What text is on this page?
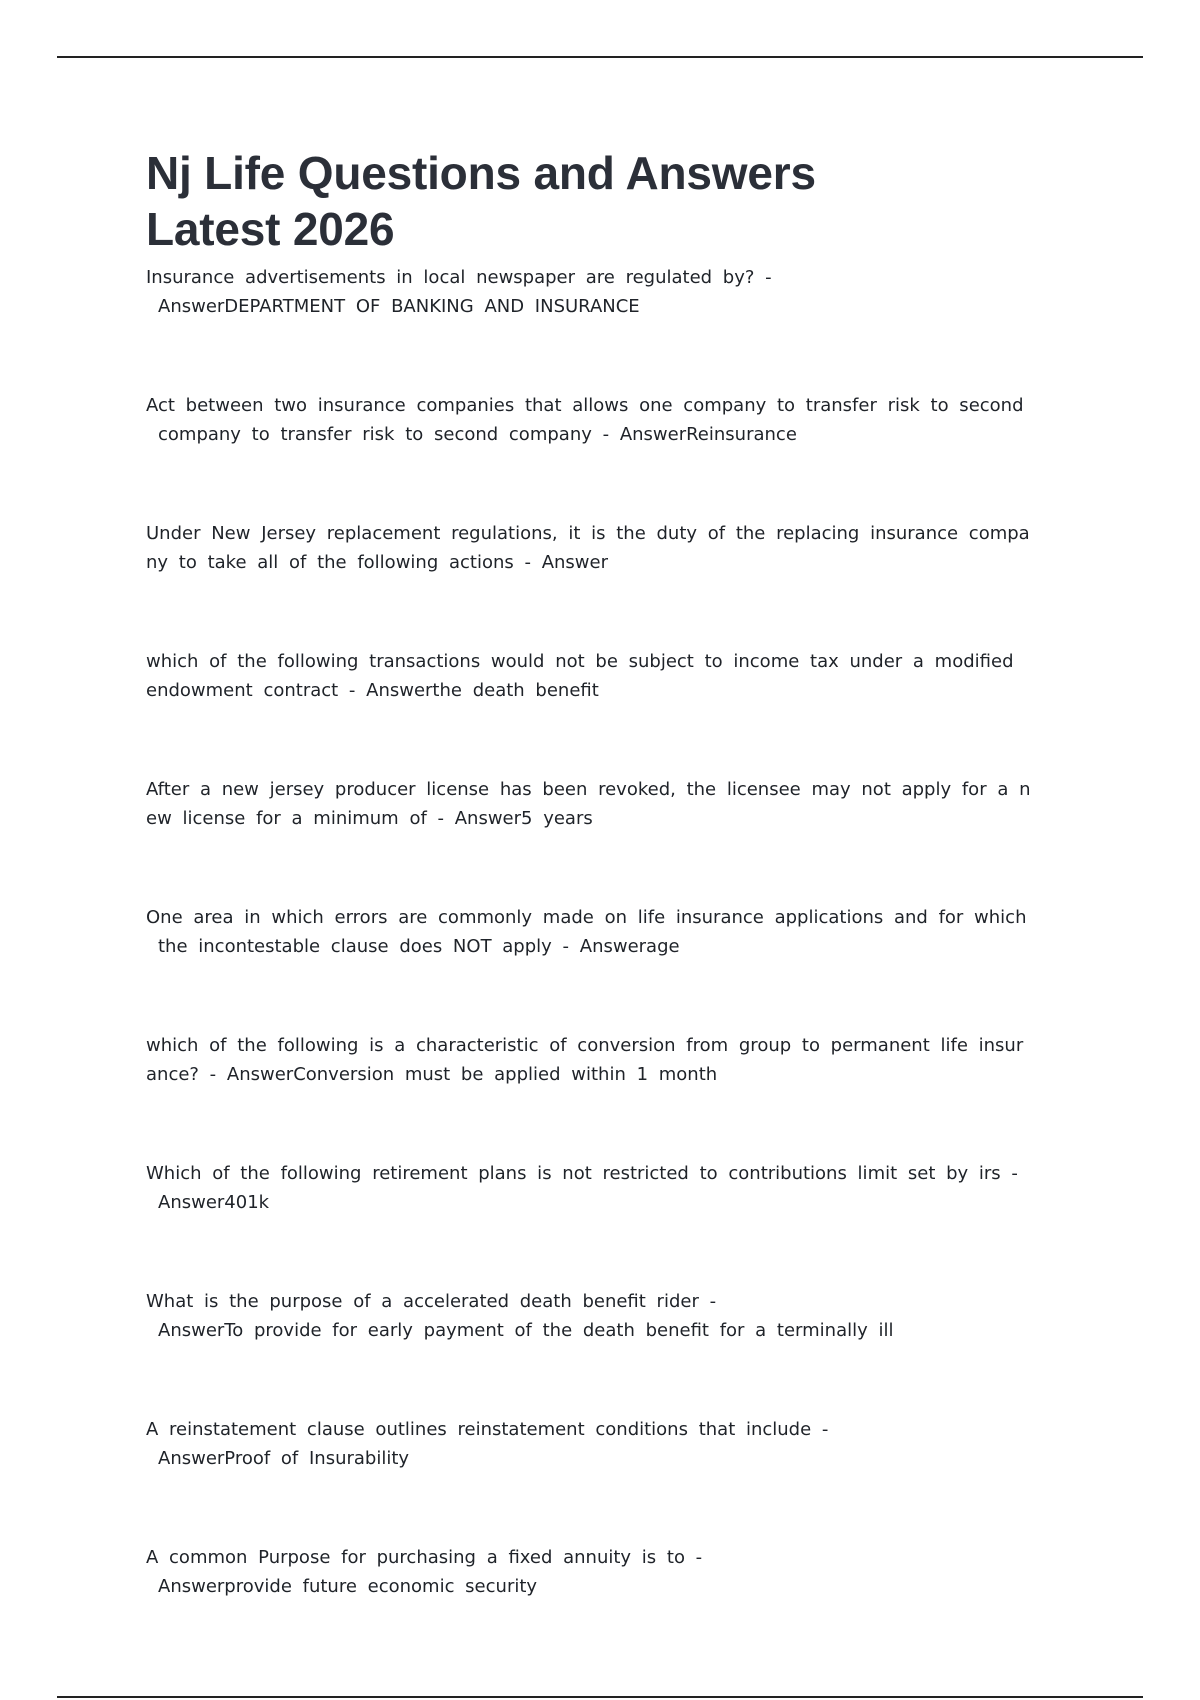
Nj Life Questions and Answers
Latest 2026
Insurance advertisements in local newspaper are regulated by? -
AnswerDEPARTMENT OF BANKING AND INSURANCE
Act between two insurance companies that allows one company to transfer risk to second
company to transfer risk to second company - AnswerReinsurance
Under New Jersey replacement regulations, it is the duty of the replacing insurance compa
ny to take all of the following actions - Answer
which of the following transactions would not be subject to income tax under a modified
endowment contract - Answerthe death benefit
After a new jersey producer license has been revoked, the licensee may not apply for a n
ew license for a minimum of - Answer5 years
One area in which errors are commonly made on life insurance applications and for which
the incontestable clause does NOT apply - Answerage
which of the following is a characteristic of conversion from group to permanent life insur
ance? - AnswerConversion must be applied within 1 month
Which of the following retirement plans is not restricted to contributions limit set by irs -
Answer401k
What is the purpose of a accelerated death benefit rider -
AnswerTo provide for early payment of the death benefit for a terminally ill
A reinstatement clause outlines reinstatement conditions that include -
AnswerProof of Insurability
A common Purpose for purchasing a fixed annuity is to -
Answerprovide future economic security
